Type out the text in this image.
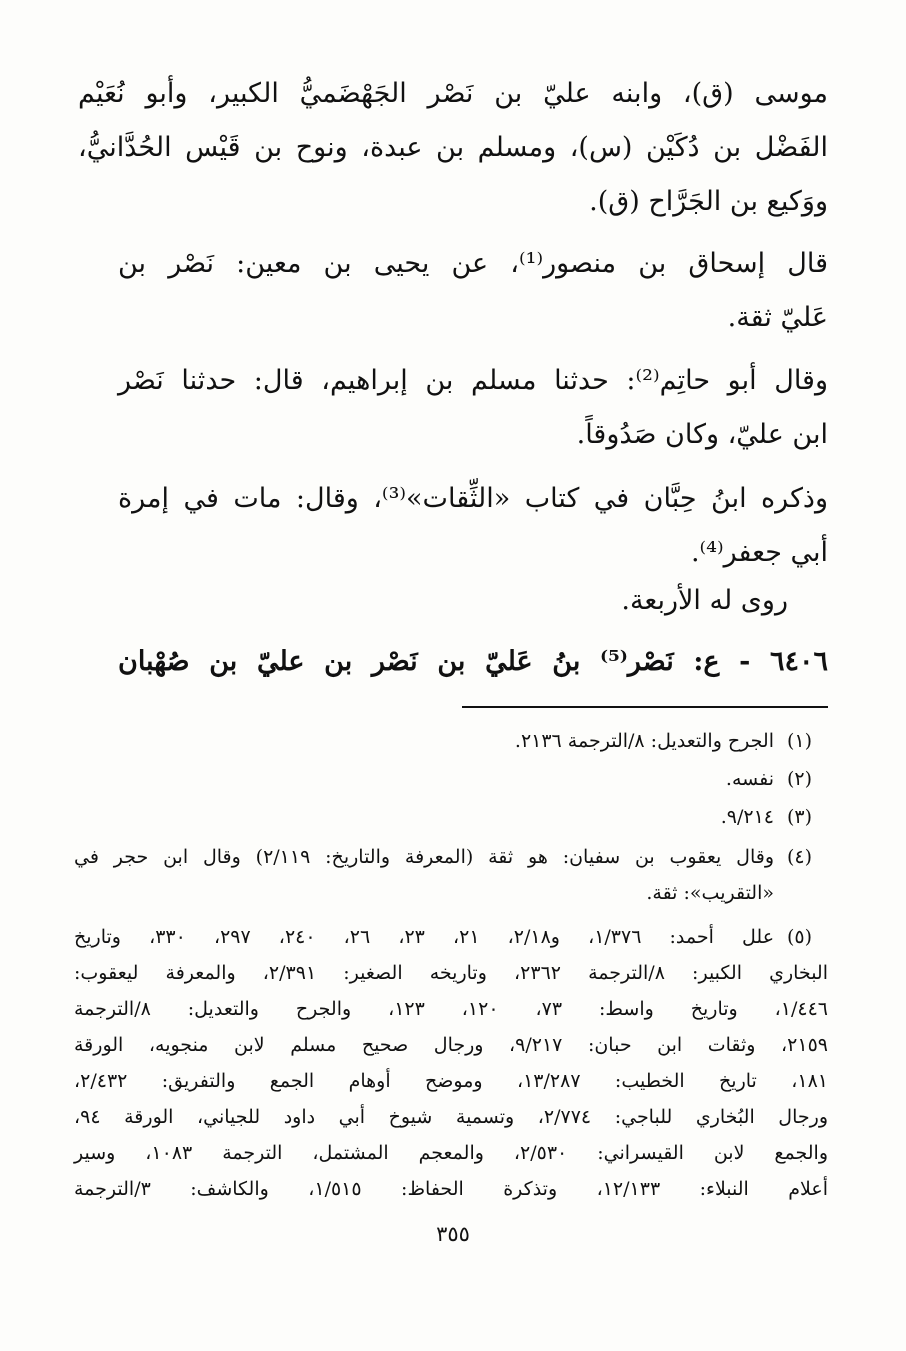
موسى (ق)، وابنه عليّ بن نَصْر الجَهْضَميُّ الكبير، وأبو نُعَيْم
الفَضْل بن دُكَيْن (س)، ومسلم بن عبدة، ونوح بن قَيْس الحُدَّانيُّ،
ووَكيع بن الجَرَّاح (ق).
قال إسحاق بن منصور⁽¹⁾، عن يحيى بن معين: نَصْر بن
عَليّ ثقة.
وقال أبو حاتِم⁽²⁾: حدثنا مسلم بن إبراهيم، قال: حدثنا نَصْر
ابن عليّ، وكان صَدُوقاً.
وذكره ابنُ حِبَّان في كتاب «الثِّقات»⁽³⁾، وقال: مات في إمرة
أبي جعفر⁽⁴⁾.
روى له الأربعة.
٦٤٠٦ - ع: نَصْر⁽⁵⁾ بنُ عَليّ بن نَصْر بن عليّ بن صُهْبان
(١)
الجرح والتعديل: ٨/الترجمة ٢١٣٦.
(٢)
نفسه.
(٣)
٩/٢١٤.
(٤)
وقال يعقوب بن سفيان: هو ثقة (المعرفة والتاريخ: ٢/١١٩) وقال ابن حجر في
«التقريب»: ثقة.
(٥)
علل أحمد: ١/٣٧٦، و٢/١٨، ٢١، ٢٣، ٢٦، ٢٤٠، ٢٩٧، ٣٣٠، وتاريخ
البخاري الكبير: ٨/الترجمة ٢٣٦٢، وتاريخه الصغير: ٢/٣٩١، والمعرفة ليعقوب:
١/٤٤٦، وتاريخ واسط: ٧٣، ١٢٠، ١٢٣، والجرح والتعديل: ٨/الترجمة
٢١٥٩، وثقات ابن حبان: ٩/٢١٧، ورجال صحيح مسلم لابن منجويه، الورقة
١٨١، تاريخ الخطيب: ١٣/٢٨٧، وموضح أوهام الجمع والتفريق: ٢/٤٣٢،
ورجال البُخاري للباجي: ٢/٧٧٤، وتسمية شيوخ أبي داود للجياني، الورقة ٩٤،
والجمع لابن القيسراني: ٢/٥٣٠، والمعجم المشتمل، الترجمة ١٠٨٣، وسير
أعلام النبلاء: ١٢/١٣٣، وتذكرة الحفاظ: ١/٥١٥، والكاشف: ٣/الترجمة
٣٥٥
